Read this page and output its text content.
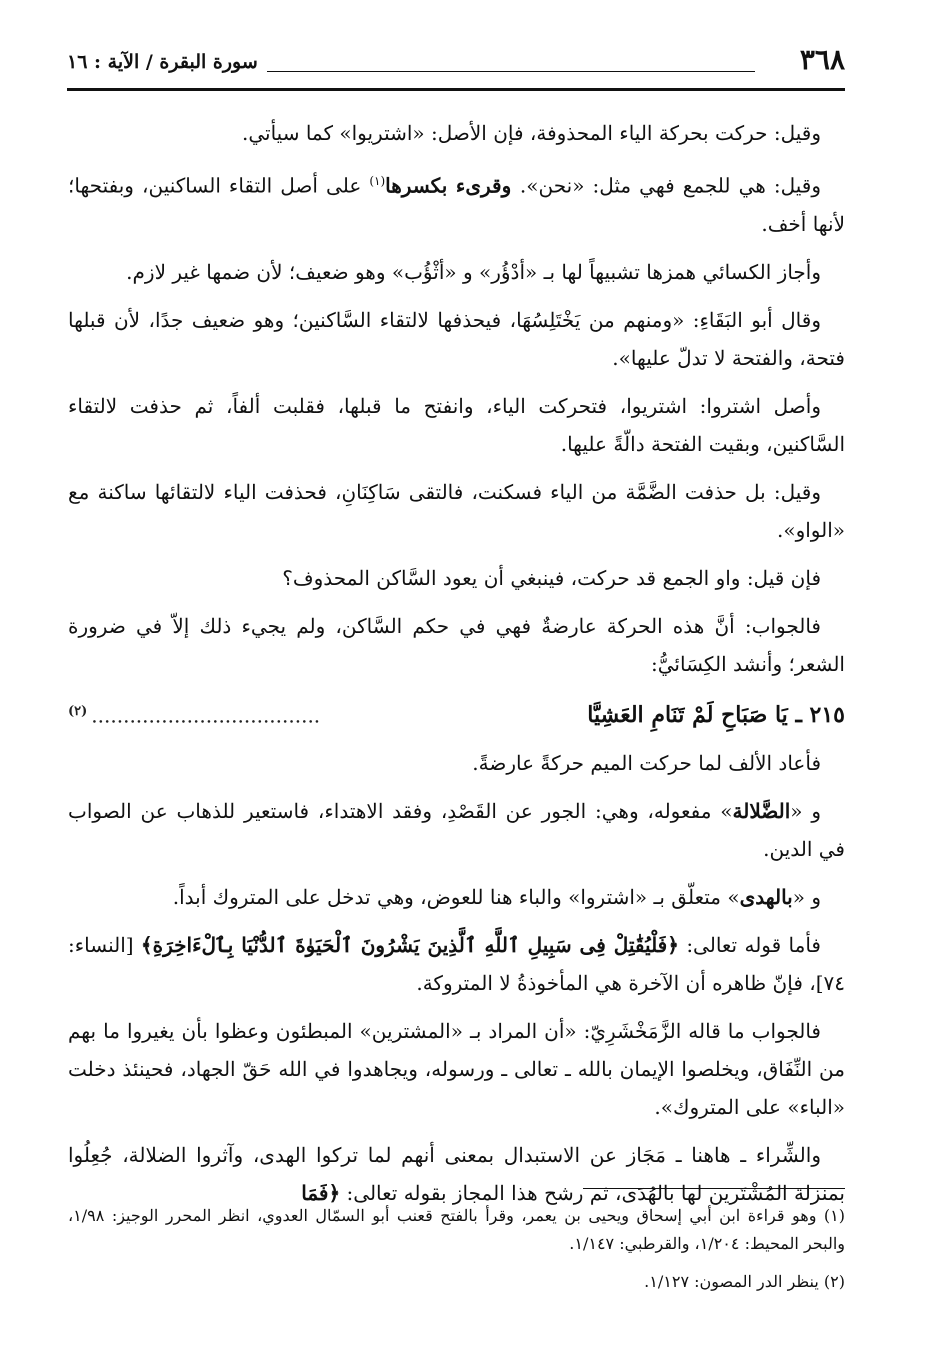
٣٦٨
سورة البقرة / الآية : ١٦

وقيل: حركت بحركة الياء المحذوفة، فإن الأصل: «اشتريوا» كما سيأتي.

وقيل: هي للجمع فهي مثل: «نحن». وقرىء بكسرها$^{(١)}$ على أصل التقاء الساكنين، وبفتحها؛ لأنها أخف.

وأجاز الكسائي همزها تشبيهاً لها بـ «أدْؤُر» و «أثْؤُب» وهو ضعيف؛ لأن ضمها غير لازم.

وقال أبو البَقَاءِ: «ومنهم من يَخْتَلِسُهَا، فيحذفها لالتقاء السَّاكنين؛ وهو ضعيف جدًا، لأن قبلها فتحة، والفتحة لا تدلّ عليها».

وأصل اشتروا: اشتريوا، فتحركت الياء، وانفتح ما قبلها، فقلبت ألفاً، ثم حذفت لالتقاء السَّاكنين، وبقيت الفتحة دالّةً عليها.

وقيل: بل حذفت الضَّمَّة من الياء فسكنت، فالتقى سَاكِنَانِ، فحذفت الياء لالتقائها ساكنة مع «الواو».

فإن قيل: واو الجمع قد حركت، فينبغي أن يعود السَّاكن المحذوف؟

فالجواب: أنَّ هذه الحركة عارضةٌ فهي في حكم السَّاكن، ولم يجيء ذلك إلاّ في ضرورة الشعر؛ وأنشد الكِسَائيُّ:

٢١٥ ـ يَا صَبَاحِ لَمْ تَنَامِ العَشِيَّا
$^{(٢)}$ ....................................

فأعاد الألف لما حركت الميم حركةً عارضةً.

و «الضَّلالة» مفعوله، وهي: الجور عن القَصْدِ، وفقد الاهتداء، فاستعير للذهاب عن الصواب في الدين.

و «بالهدى» متعلّق بـ «اشتروا» والباء هنا للعوض، وهي تدخل على المتروك أبداً.

فأما قوله تعالى: ﴿فَلْيُقَٰتِلْ فِى سَبِيلِ ٱللَّهِ ٱلَّذِينَ يَشْرُونَ ٱلْحَيَوٰةَ ٱلدُّنْيَا بِٱلْءَاخِرَةِ﴾ [النساء: ٧٤]، فإنّ ظاهره أن الآخرة هي المأخوذةُ لا المتروكة.

فالجواب ما قاله الزَّمَخْشَرِيّ: «أن المراد بـ «المشترين» المبطئون وعظوا بأن يغيروا ما بهم من النِّفَاق، ويخلصوا الإيمان بالله ـ تعالى ـ ورسوله، ويجاهدوا في الله حَقّ الجهاد، فحينئذ دخلت «الباء» على المتروك».

والشِّراء ـ هاهنا ـ مَجَاز عن الاستبدال بمعنى أنهم لما تركوا الهدى، وآثروا الضلالة، جُعِلُوا بمنزلة المُشْتَرين لها بالهُدَى، ثم رشح هذا المجاز بقوله تعالى: ﴿فَمَا

(١) وهو قراءة ابن أبي إسحاق ويحيى بن يعمر، وقرأ بالفتح قعنب أبو السمّال العدوي، انظر المحرر الوجيز: ١/٩٨، والبحر المحيط: ١/٢٠٤، والقرطبي: ١/١٤٧.

(٢) ينظر الدر المصون: ١/١٢٧.
